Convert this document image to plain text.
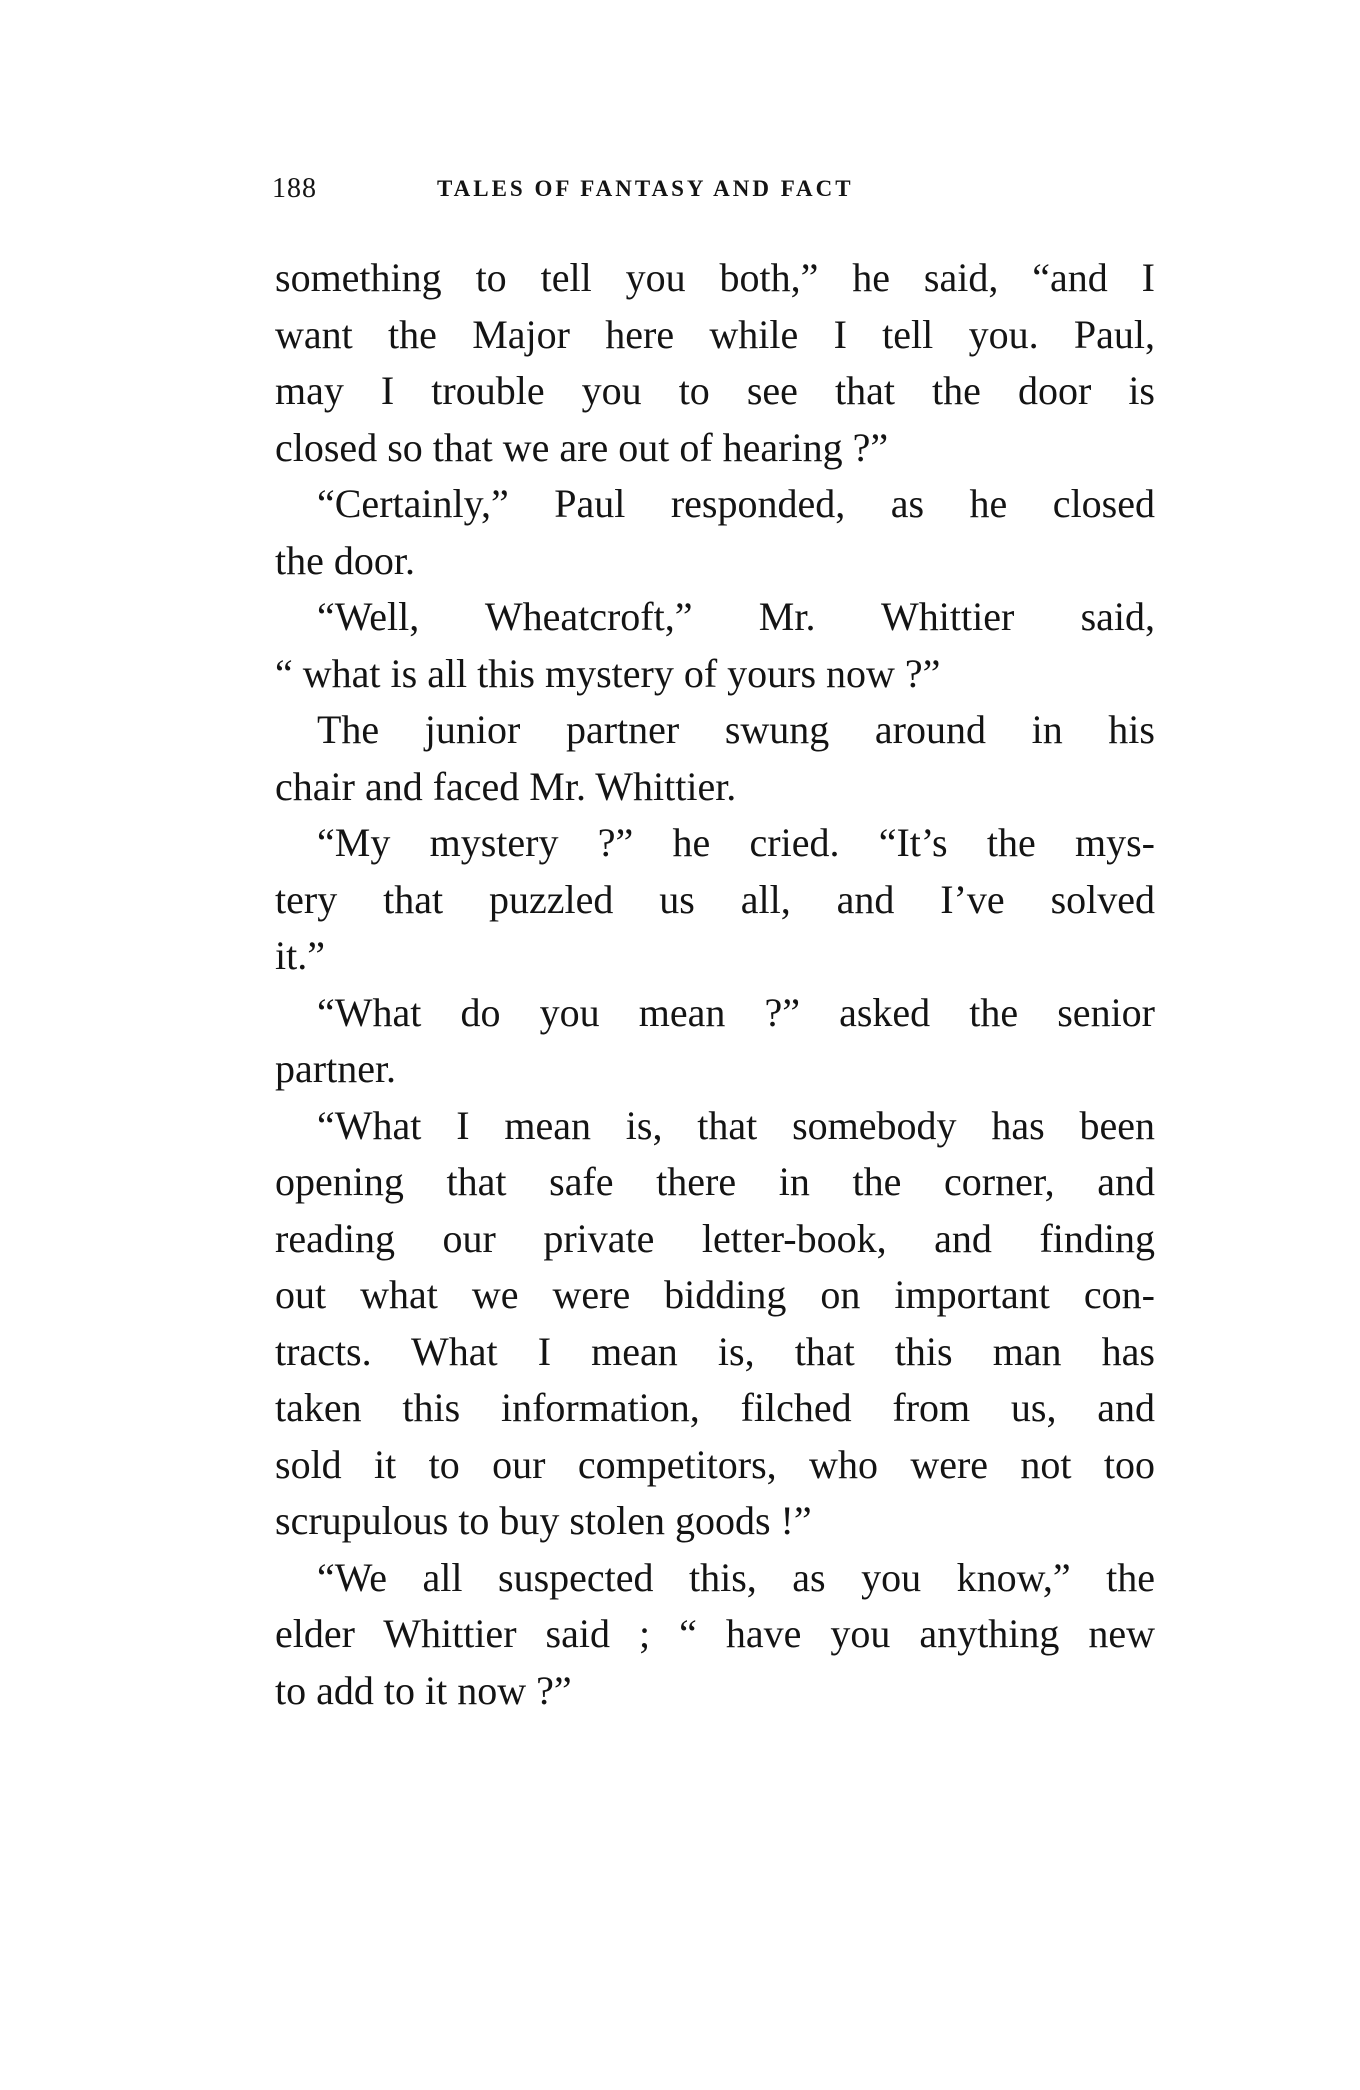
188	TALES OF FANTASY AND FACT
something to tell you both,” he said, “and I
want the Major here while I tell you. Paul,
may I trouble you to see that the door is
closed so that we are out of hearing ?”
“Certainly,” Paul responded, as he closed
the door.
“Well, Wheatcroft,” Mr. Whittier said,
“ what is all this mystery of yours now ?”
The junior partner swung around in his
chair and faced Mr. Whittier.
“My mystery ?” he cried. “It’s the mys-
tery that puzzled us all, and I’ve solved
it.”
“What do you mean ?” asked the senior
partner.
“What I mean is, that somebody has been
opening that safe there in the corner, and
reading our private letter-book, and finding
out what we were bidding on important con-
tracts. What I mean is, that this man has
taken this information, filched from us, and
sold it to our competitors, who were not too
scrupulous to buy stolen goods !”
“We all suspected this, as you know,” the
elder Whittier said ; “ have you anything new
to add to it now ?”
